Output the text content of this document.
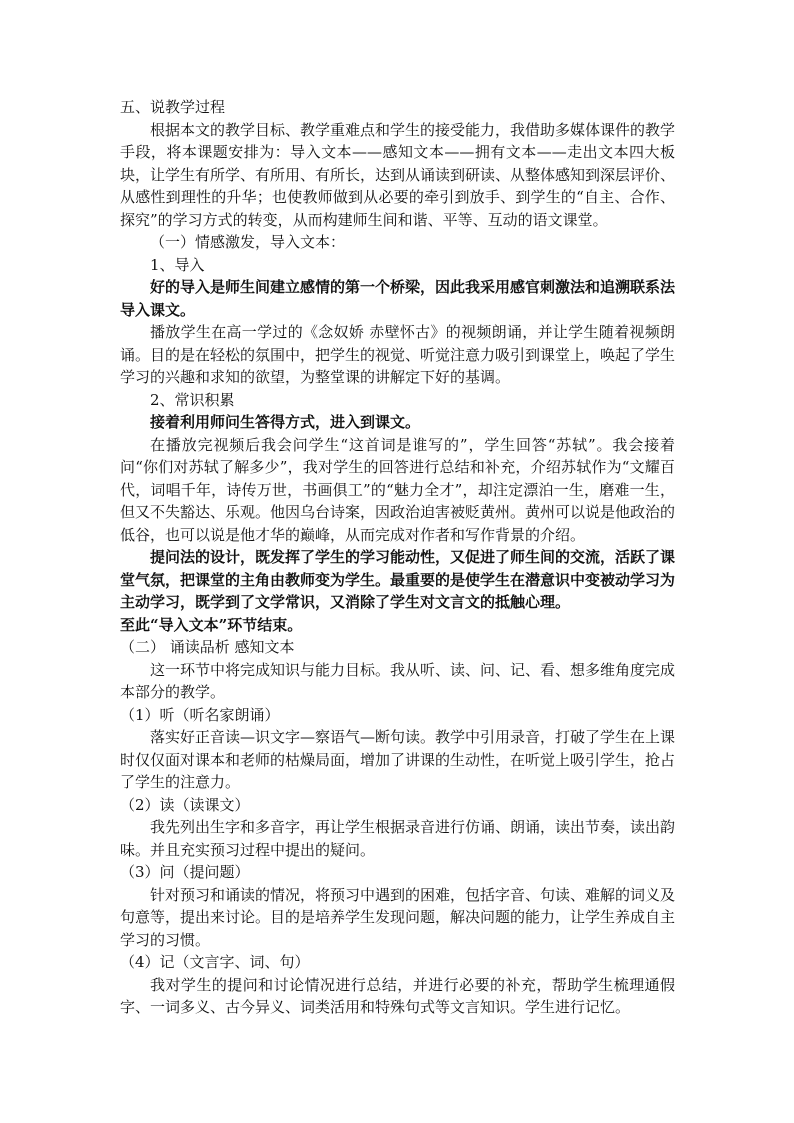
五、说教学过程

根据本文的教学目标、教学重难点和学生的接受能力，我借助多媒体课件的教学手段，将本课题安排为：导入文本——感知文本——拥有文本——走出文本四大板块，让学生有所学、有所用、有所长，达到从诵读到研读、从整体感知到深层评价、从感性到理性的升华；也使教师做到从必要的牵引到放手、到学生的“自主、合作、探究”的学习方式的转变，从而构建师生间和谐、平等、互动的语文课堂。

（一）情感激发，导入文本：

1、导入

好的导入是师生间建立感情的第一个桥梁，因此我采用感官刺激法和追溯联系法导入课文。

播放学生在高一学过的《念奴娇 赤壁怀古》的视频朗诵，并让学生随着视频朗诵。目的是在轻松的氛围中，把学生的视觉、听觉注意力吸引到课堂上，唤起了学生学习的兴趣和求知的欲望，为整堂课的讲解定下好的基调。

2、常识积累

接着利用师问生答得方式，进入到课文。

在播放完视频后我会问学生“这首词是谁写的”，学生回答“苏轼”。我会接着问“你们对苏轼了解多少”，我对学生的回答进行总结和补充，介绍苏轼作为“文耀百代，词唱千年，诗传万世，书画俱工”的“魅力全才”，却注定漂泊一生，磨难一生，但又不失豁达、乐观。他因乌台诗案，因政治迫害被贬黄州。黄州可以说是他政治的低谷，也可以说是他才华的巅峰，从而完成对作者和写作背景的介绍。

提问法的设计，既发挥了学生的学习能动性，又促进了师生间的交流，活跃了课堂气氛，把课堂的主角由教师变为学生。最重要的是使学生在潜意识中变被动学习为主动学习，既学到了文学常识，又消除了学生对文言文的抵触心理。

至此“导入文本”环节结束。

（二） 诵读品析 感知文本

这一环节中将完成知识与能力目标。我从听、读、问、记、看、想多维角度完成本部分的教学。

（1）听（听名家朗诵）

落实好正音读—识文字—察语气—断句读。教学中引用录音，打破了学生在上课时仅仅面对课本和老师的枯燥局面，增加了讲课的生动性，在听觉上吸引学生，抢占了学生的注意力。

（2）读（读课文）

我先列出生字和多音字，再让学生根据录音进行仿诵、朗诵，读出节奏，读出韵味。并且充实预习过程中提出的疑问。

（3）问（提问题）

针对预习和诵读的情况，将预习中遇到的困难，包括字音、句读、难解的词义及句意等，提出来讨论。目的是培养学生发现问题，解决问题的能力，让学生养成自主学习的习惯。

（4）记（文言字、词、句）

我对学生的提问和讨论情况进行总结，并进行必要的补充，帮助学生梳理通假字、一词多义、古今异义、词类活用和特殊句式等文言知识。学生进行记忆。
